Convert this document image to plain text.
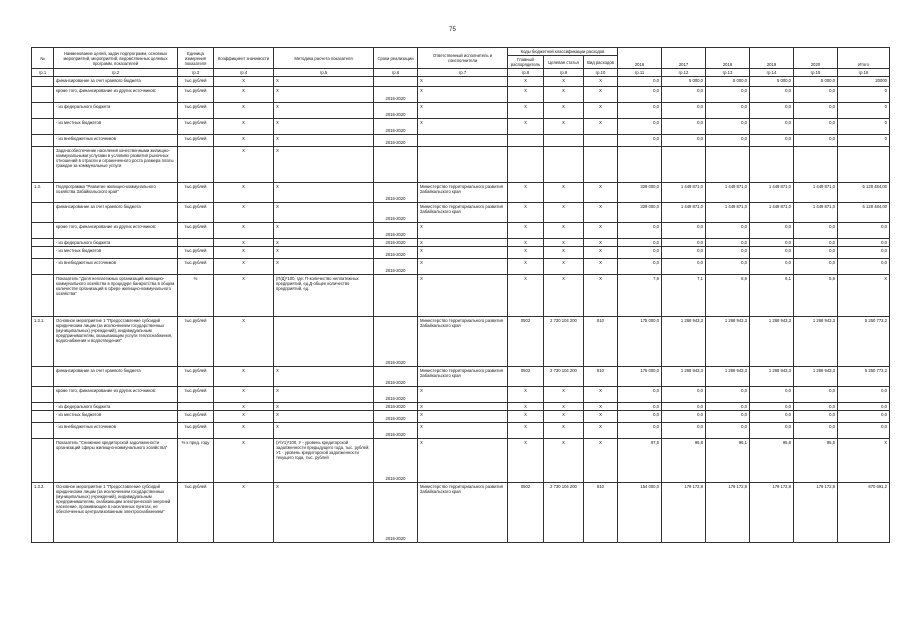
75
№	Наименование целей, задач подпрограмм, основных мероприятий, мероприятий, ведомственных целевых программ, показателей	Единица измерения показателя	Коэффициент значимости	Методика расчета показателя	Сроки реализации	Ответственный исполнитель и соисполнители	Коды бюджетной классификации расходов			2016	2017	2018	2019	2020	Итого
							Главный распорядитель	Целевая статья	Вид расходов						
гр.1	гр.2	гр.3	гр.4	гр.5	гр.6	гр.7	гр.8	гр.9	гр.10	гр.11	гр.12	гр.13	гр.14	гр.15	гр.16
	финансирование за счет краевого бюджета	тыс.рублей	X	X		X	X	X	X	0,0	5 000,0	5 000,0	5 000,0	5 000,0	20000
	кроме того, финансирование из других источников:	тыс.рублей	X	X	2016-2020	X	X	X	X	0,0	0,0	0,0	0,0	0,0	0
	- из федерального бюджета	тыс.рублей	X	X	2016-2020	X	X	X	X	0,0	0,0	0,0	0,0	0,0	0
	- из местных бюджетов	тыс.рублей	X	X	2016-2020	X	X	X	X	0,0	0,0	0,0	0,0	0,0	0
	- из внебюджетных источников	тыс.рублей	X	X	2016-2020					0,0	0,0	0,0	0,0	0,0	0
	Задача:обеспечение населения качественными жилищно-коммунальными услугами в условиях развития рыночных отношений в отрасли и ограниченного роста размера платы граждан за коммунальные услуги		X	X											
1.3.	Подпрограмма "Развитие жилищно-коммунального хозяйства Забайкальского края"	тыс.рублей	X	X	2016-2020	Министерство территориального развития Забайкальского края	X	X	X	329 000,0	1 449 871,0	1 449 871,0	1 449 871,0	1 449 871,0	6 128 484,00
	финансирование за счет краевого бюджета	тыс.рублей	X	X	2016-2020	Министерство территориального развития Забайкальского края	X	X	X	329 000,0	1 449 871,0	1 449 871,0	1 449 871,0	1 449 871,0	6 128 484,00
	кроме того, финансирование из других источников:	тыс.рублей	X	X	2016-2020	X	X	X	X	0,0	0,0	0,0	0,0	0,0	0,0
	- из федерального бюджета		X	X	2016-2020	X	X	X	X	0,0	0,0	0,0	0,0	0,0	0,0
	- из местных бюджетов	тыс.рублей	X	X	2016-2020	X	X	X	X	0,0	0,0	0,0	0,0	0,0	0,0
	- из внебюджетных источников	тыс.рублей	X	X	2016-2020	X	X	X	X	0,0	0,0	0,0	0,0	0,0	0,0
	Показатель "Доля неплатежных организаций жилищно-коммунального хозяйства в процедуре банкротства в общем количестве организаций в сфере жилищно-коммунального хозяйства"	%	X	(П/Д)*100, где: П-количество неплатежных предприятий, ед.Д-общее количество предприятий, ед.		X	X	X	X	7,6	7,1	6,6	6,1	5,6	X
1.3.1.	Основное мероприятие 1 "Предоставление субсидий юридическим лицам (за исключением государственных (муниципальных) учреждений), индивидуальным предпринимателям, оказывающим услуги теплоснабжения, водоснабжения и водоотведения"	тыс.рублей	X		2016-2020	Министерство территориального развития Забайкальского края	0502	2 730 104 200	810	175 000,0	1 268 943,3	1 268 943,3	1 268 943,3	1 268 943,3	5 250 773,2
	финансирование за счет краевого бюджета	тыс.рублей	X	X	2016-2020	Министерство территориального развития Забайкальского края	0502	2 730 104 200	810	175 000,0	1 268 943,3	1 268 943,3	1 268 943,3	1 268 943,3	5 250 773,2
	кроме того, финансирование из других источников:	тыс.рублей	X	X	2016-2020	X	X	X	X	0,0	0,0	0,0	0,0	0,0	0,0
	- из федерального бюджета		X	X	2016-2020	X	X	X	X	0,0	0,0	0,0	0,0	0,0	0,0
	- из местных бюджетов	тыс.рублей	X	X	2016-2020	X	X	X	X	0,0	0,0	0,0	0,0	0,0	0,0
	- из внебюджетных источников	тыс.рублей	X	X	2016-2020	X	X	X	X	0,0	0,0	0,0	0,0	0,0	0,0
	Показатель "Снижение кредиторской задолженности организаций сферы жилищно-коммунального хозяйства"	% к пред. году	X	(У/У1)*100, У - уровень кредиторской задолженности предыдущего года, тыс. рублей; У1 - уровень кредиторской задолженности текущего года, тыс. рублей	2016-2020	X	X	X	X	97,5	96,8	96,1	95,8	95,5	X
1.3.2.	Основное мероприятие 1 "Предоставление субсидий юридическим лицам (за исключением государственных (муниципальных) учреждений), индивидуальным предпринимателям, снабжающим электрической энергией население, проживающее в населенных пунктах, не обеспеченных централизованным электроснабжением"	тыс.рублей	X	X	2016-2020	Министерство территориального развития Забайкальского края	0502	2 730 104 200	810	154 000,0	179 172,8	179 172,8	179 172,8	179 172,8	870 691,2
